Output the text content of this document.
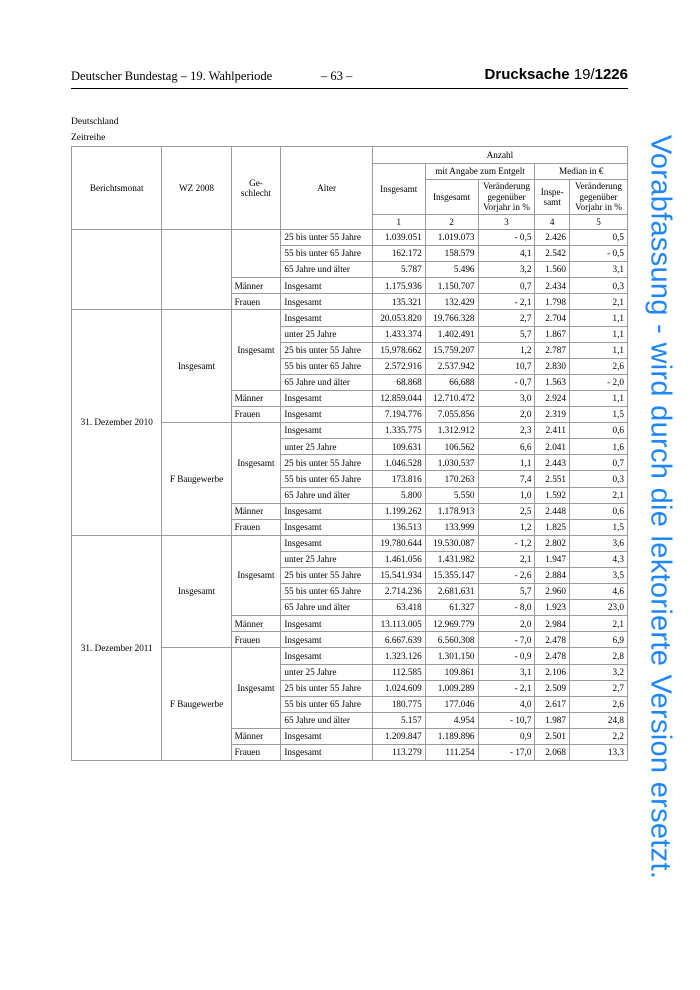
Deutscher Bundestag – 19. Wahlperiode	– 63 –	Drucksache 19/1226
Deutschland
Zeitreihe
Berichtsmonat	WZ 2008	Ge-schlecht	Alter	Anzahl				
				Insgesamt	mit Angabe zum Entgelt		Median in €	
					Insgesamt	Veränderung gegenüber Vorjahr in %	Inspe-samt	Veränderung gegenüber Vorjahr in %
				1	2	3	4	5
			25 bis unter 55 Jahre	1.039.051	1.019.073	- 0,5	2.426	0,5
			55 bis unter 65 Jahre	162.172	158.579	4,1	2.542	- 0,5
			65 Jahre und älter	5.787	5.496	3,2	1.560	3,1
		Männer	Insgesamt	1.175.936	1.150.707	0,7	2.434	0,3
		Frauen	Insgesamt	135.321	132.429	- 2,1	1.798	2,1
31. Dezember 2010	Insgesamt	Insgesamt	Insgesamt	20.053.820	19.766.328	2,7	2.704	1,1
			unter 25 Jahre	1.433.374	1.402.491	5,7	1.867	1,1
			25 bis unter 55 Jahre	15.978.662	15.759.207	1,2	2.787	1,1
			55 bis unter 65 Jahre	2.572.916	2.537.942	10,7	2.830	2,6
			65 Jahre und älter	68.868	66.688	- 0,7	1.563	- 2,0
		Männer	Insgesamt	12.859.044	12.710.472	3,0	2.924	1,1
		Frauen	Insgesamt	7.194.776	7.055.856	2,0	2.319	1,5
	F Baugewerbe	Insgesamt	Insgesamt	1.335.775	1.312.912	2,3	2.411	0,6
			unter 25 Jahre	109.631	106.562	6,6	2.041	1,6
			25 bis unter 55 Jahre	1.046.528	1.030.537	1,1	2.443	0,7
			55 bis unter 65 Jahre	173.816	170.263	7,4	2.551	0,3
			65 Jahre und älter	5.800	5.550	1,0	1.592	2,1
		Männer	Insgesamt	1.199.262	1.178.913	2,5	2.448	0,6
		Frauen	Insgesamt	136.513	133.999	1,2	1.825	1,5
31. Dezember 2011	Insgesamt	Insgesamt	Insgesamt	19.780.644	19.530.087	- 1,2	2.802	3,6
			unter 25 Jahre	1.461.056	1.431.982	2,1	1.947	4,3
			25 bis unter 55 Jahre	15.541.934	15.355.147	- 2,6	2.884	3,5
			55 bis unter 65 Jahre	2.714.236	2.681.631	5,7	2.960	4,6
			65 Jahre und älter	63.418	61.327	- 8,0	1.923	23,0
		Männer	Insgesamt	13.113.005	12.969.779	2,0	2.984	2,1
		Frauen	Insgesamt	6.667.639	6.560.308	- 7,0	2.478	6,9
	F Baugewerbe	Insgesamt	Insgesamt	1.323.126	1.301.150	- 0,9	2.478	2,8
			unter 25 Jahre	112.585	109.861	3,1	2.106	3,2
			25 bis unter 55 Jahre	1.024.609	1.009.289	- 2,1	2.509	2,7
			55 bis unter 65 Jahre	180.775	177.046	4,0	2.617	2,6
			65 Jahre und älter	5.157	4.954	- 10,7	1.987	24,8
		Männer	Insgesamt	1.209.847	1.189.896	0,9	2.501	2,2
		Frauen	Insgesamt	113.279	111.254	- 17,0	2.068	13,3 Vorabfassung - wird durch die lektorierte Version ersetzt.
